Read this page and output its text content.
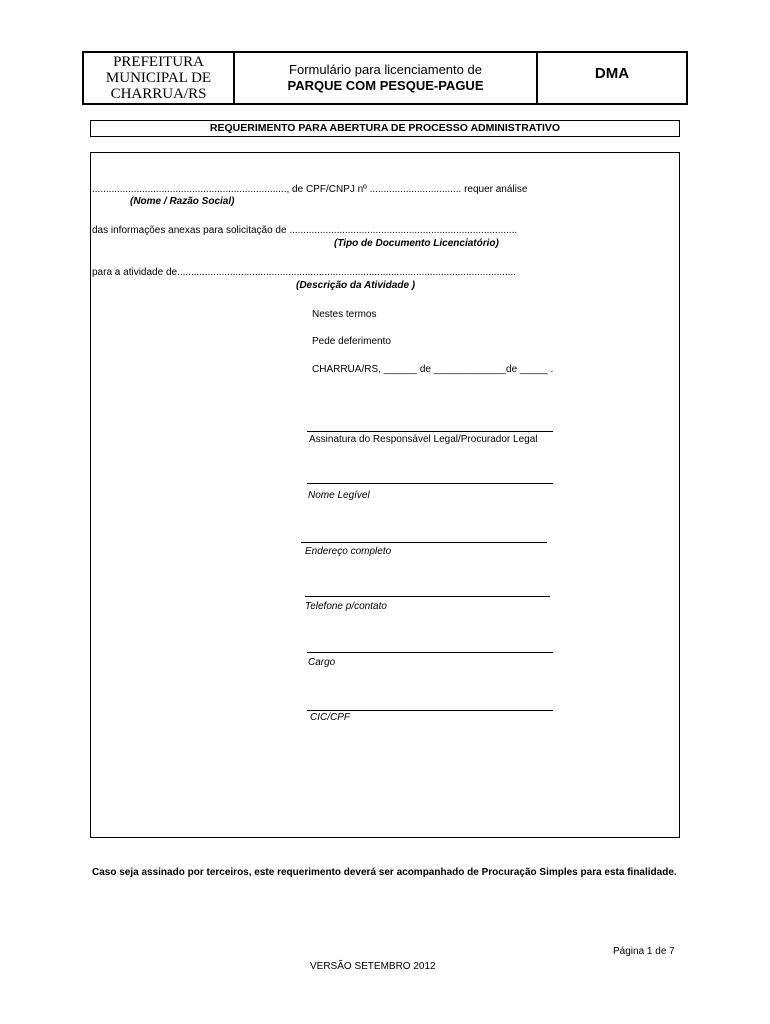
PREFEITURA
MUNICIPAL DE
CHARRUA/RS
Formulário para licenciamento de
PARQUE COM PESQUE-PAGUE
DMA
REQUERIMENTO PARA ABERTURA DE PROCESSO ADMINISTRATIVO
......................................................................, de CPF/CNPJ nº ................................. requer análise
(Nome / Razão Social)
das informações anexas para solicitação de ..................................................................................
(Tipo de Documento Licenciatório)
para a atividade de..........................................................................................................................
(Descrição da Atividade )
Nestes termos
Pede deferimento
CHARRUA/RS, ______ de _____________de _____ .
Assinatura do Responsável Legal/Procurador Legal
Nome Legível
Endereço completo
Telefone p/contato
Cargo
CIC/CPF
Caso seja assinado por terceiros, este requerimento deverá ser acompanhado de Procuração Simples para esta finalidade.
Página 1 de 7
VERSÃO SETEMBRO 2012
